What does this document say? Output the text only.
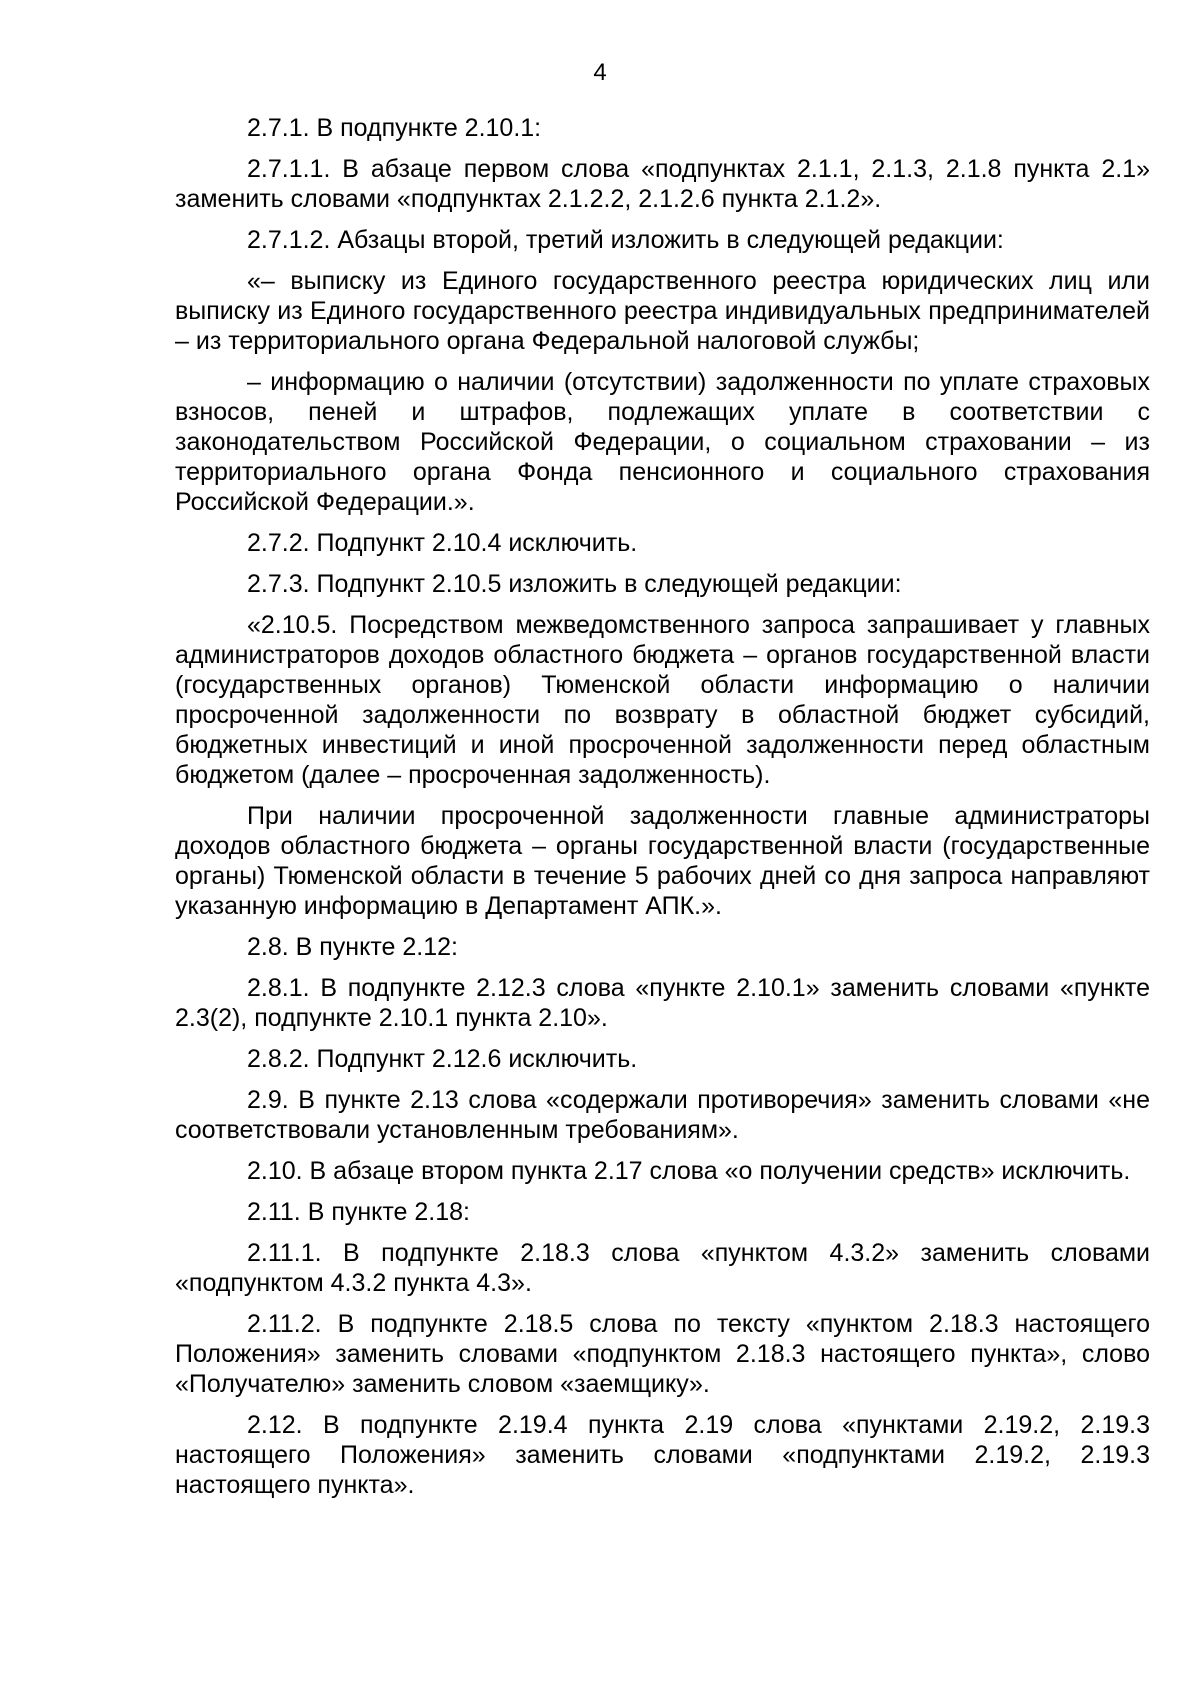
4

2.7.1. В подпункте 2.10.1:

2.7.1.1. В абзаце первом слова «подпунктах 2.1.1, 2.1.3, 2.1.8 пункта 2.1» заменить словами «подпунктах 2.1.2.2, 2.1.2.6 пункта 2.1.2».

2.7.1.2. Абзацы второй, третий изложить в следующей редакции:

«– выписку из Единого государственного реестра юридических лиц или выписку из Единого государственного реестра индивидуальных предпринимателей – из территориального органа Федеральной налоговой службы;

– информацию о наличии (отсутствии) задолженности по уплате страховых взносов, пеней и штрафов, подлежащих уплате в соответствии с законодательством Российской Федерации, о социальном страховании – из территориального органа Фонда пенсионного и социального страхования Российской Федерации.».

2.7.2. Подпункт 2.10.4 исключить.

2.7.3. Подпункт 2.10.5 изложить в следующей редакции:

«2.10.5. Посредством межведомственного запроса запрашивает у главных администраторов доходов областного бюджета – органов государственной власти (государственных органов) Тюменской области информацию о наличии просроченной задолженности по возврату в областной бюджет субсидий, бюджетных инвестиций и иной просроченной задолженности перед областным бюджетом (далее – просроченная задолженность).

При наличии просроченной задолженности главные администраторы доходов областного бюджета – органы государственной власти (государственные органы) Тюменской области в течение 5 рабочих дней со дня запроса направляют указанную информацию в Департамент АПК.».

2.8. В пункте 2.12:

2.8.1. В подпункте 2.12.3 слова «пункте 2.10.1» заменить словами «пункте 2.3(2), подпункте 2.10.1 пункта 2.10».

2.8.2. Подпункт 2.12.6 исключить.

2.9. В пункте 2.13 слова «содержали противоречия» заменить словами «не соответствовали установленным требованиям».

2.10. В абзаце втором пункта 2.17 слова «о получении средств» исключить.

2.11. В пункте 2.18:

2.11.1. В подпункте 2.18.3 слова «пунктом 4.3.2» заменить словами «подпунктом 4.3.2 пункта 4.3».

2.11.2. В подпункте 2.18.5 слова по тексту «пунктом 2.18.3 настоящего Положения» заменить словами «подпунктом 2.18.3 настоящего пункта», слово «Получателю» заменить словом «заемщику».

2.12. В подпункте 2.19.4 пункта 2.19 слова «пунктами 2.19.2, 2.19.3 настоящего Положения» заменить словами «подпунктами 2.19.2, 2.19.3 настоящего пункта».
